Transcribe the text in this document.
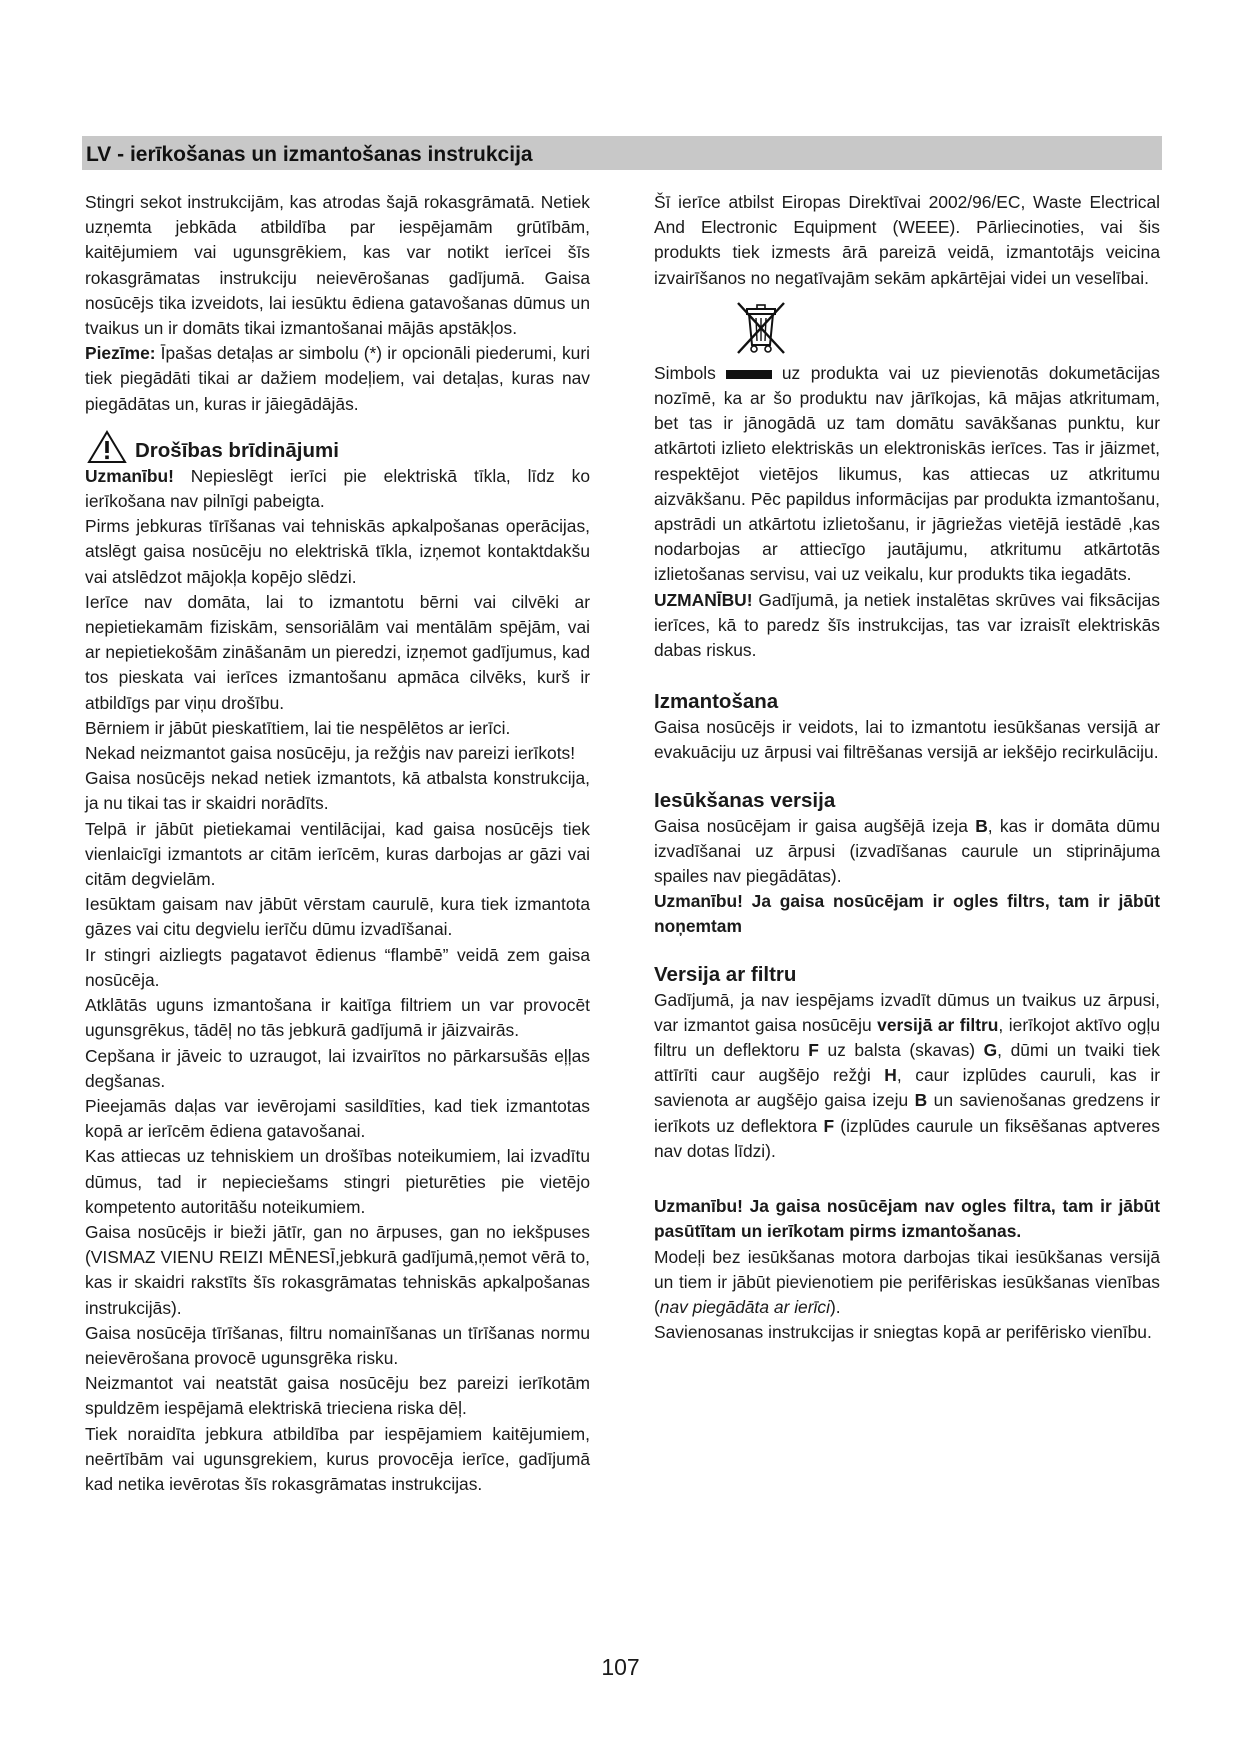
LV - ierīkošanas un izmantošanas instrukcija

Stingri sekot instrukcijām, kas atrodas šajā rokasgrāmatā. Netiek uzņemta jebkāda atbildība par iespējamām grūtībām, kaitējumiem vai ugunsgrēkiem, kas var notikt ierīcei šīs rokasgrāmatas instrukciju neievērošanas gadījumā. Gaisa nosūcējs tika izveidots, lai iesūktu ēdiena gatavošanas dūmus un tvaikus un ir domāts tikai izmantošanai mājās apstākļos.

Piezīme: Īpašas detaļas ar simbolu (*) ir opcionāli piederumi, kuri tiek piegādāti tikai ar dažiem modeļiem, vai detaļas, kuras nav piegādātas un, kuras ir jāiegādājās.

Drošības brīdinājumi

Uzmanību! Nepieslēgt ierīci pie elektriskā tīkla, līdz ko ierīkošana nav pilnīgi pabeigta.

Pirms jebkuras tīrīšanas vai tehniskās apkalpošanas operācijas, atslēgt gaisa nosūcēju no elektriskā tīkla, izņemot kontaktdakšu vai atslēdzot mājokļa kopējo slēdzi.

Ierīce nav domāta, lai to izmantotu bērni vai cilvēki ar nepietiekamām fiziskām, sensoriālām vai mentālām spējām, vai ar nepietiekošām zināšanām un pieredzi, izņemot gadījumus, kad tos pieskata vai ierīces izmantošanu apmāca cilvēks, kurš ir atbildīgs par viņu drošību.

Bērniem ir jābūt pieskatītiem, lai tie nespēlētos ar ierīci.

Nekad neizmantot gaisa nosūcēju, ja režģis nav pareizi ierīkots!

Gaisa nosūcējs nekad netiek izmantots, kā atbalsta konstrukcija, ja nu tikai tas ir skaidri norādīts.

Telpā ir jābūt pietiekamai ventilācijai, kad gaisa nosūcējs tiek vienlaicīgi izmantots ar citām ierīcēm, kuras darbojas ar gāzi vai citām degvielām.

Iesūktam gaisam nav jābūt vērstam caurulē, kura tiek izmantota gāzes vai citu degvielu ierīču dūmu izvadīšanai.

Ir stingri aizliegts pagatavot ēdienus “flambē” veidā zem gaisa nosūcēja.

Atklātās uguns izmantošana ir kaitīga filtriem un var provocēt ugunsgrēkus, tādēļ no tās jebkurā gadījumā ir jāizvairās.

Cepšana ir jāveic to uzraugot, lai izvairītos no pārkarsušās eļļas degšanas.

Pieejamās daļas var ievērojami sasildīties, kad tiek izmantotas kopā ar ierīcēm ēdiena gatavošanai.

Kas attiecas uz tehniskiem un drošības noteikumiem, lai izvadītu dūmus, tad ir nepieciešams stingri pieturēties pie vietējo kompetento autoritāšu noteikumiem.

Gaisa nosūcējs ir bieži jātīr, gan no ārpuses, gan no iekšpuses (VISMAZ VIENU REIZI MĒNESĪ,jebkurā gadījumā,ņemot vērā to, kas ir skaidri rakstīts šīs rokasgrāmatas tehniskās apkalpošanas instrukcijās).

Gaisa nosūcēja tīrīšanas, filtru nomainīšanas un tīrīšanas normu neievērošana provocē ugunsgrēka risku.

Neizmantot vai neatstāt gaisa nosūcēju bez pareizi ierīkotām spuldzēm iespējamā elektriskā trieciena riska dēļ.

Tiek noraidīta jebkura atbildība par iespējamiem kaitējumiem, neērtībām vai ugunsgrekiem, kurus provocēja ierīce, gadījumā kad netika ievērotas šīs rokasgrāmatas instrukcijas.

Šī ierīce atbilst Eiropas Direktīvai 2002/96/EC, Waste Electrical And Electronic Equipment (WEEE). Pārliecinoties, vai šis produkts tiek izmests ārā pareizā veidā, izmantotājs veicina izvairīšanos no negatīvajām sekām apkārtējai videi un veselībai.

Simbols	uz produkta vai uz pievienotās dokumetācijas nozīmē, ka ar šo produktu nav jārīkojas, kā mājas atkritumam, bet tas ir jānogādā uz tam domātu savākšanas punktu, kur atkārtoti izlieto elektriskās un elektroniskās ierīces. Tas ir jāizmet, respektējot vietējos likumus, kas attiecas uz atkritumu aizvākšanu. Pēc papildus informācijas par produkta izmantošanu, apstrādi un atkārtotu izlietošanu, ir jāgriežas vietējā iestādē ,kas nodarbojas ar attiecīgo jautājumu, atkritumu atkārtotās izlietošanas servisu, vai uz veikalu, kur produkts tika iegadāts.

UZMANĪBU! Gadījumā, ja netiek instalētas skrūves vai fiksācijas ierīces, kā to paredz šīs instrukcijas, tas var izraisīt elektriskās dabas riskus.

Izmantošana

Gaisa nosūcējs ir veidots, lai to izmantotu iesūkšanas versijā ar evakuāciju uz ārpusi vai filtrēšanas versijā ar iekšējo recirkulāciju.

Iesūkšanas versija

Gaisa nosūcējam ir gaisa augšējā izeja B, kas ir domāta dūmu izvadīšanai uz ārpusi (izvadīšanas caurule un stiprinājuma spailes nav piegādātas).

Uzmanību! Ja gaisa nosūcējam ir ogles filtrs, tam ir jābūt noņemtam

Versija ar filtru

Gadījumā, ja nav iespējams izvadīt dūmus un tvaikus uz ārpusi, var izmantot gaisa nosūcēju versijā ar filtru, ierīkojot aktīvo ogļu filtru un deflektoru F uz balsta (skavas) G, dūmi un tvaiki tiek attīrīti caur augšējo režģi H, caur izplūdes cauruli, kas ir savienota ar augšējo gaisa izeju B un savienošanas gredzens ir ierīkots uz deflektora F (izplūdes caurule un fiksēšanas aptveres nav dotas līdzi).

Uzmanību! Ja gaisa nosūcējam nav ogles filtra, tam ir jābūt pasūtītam un ierīkotam pirms izmantošanas.

Modeļi bez iesūkšanas motora darbojas tikai iesūkšanas versijā un tiem ir jābūt pievienotiem pie perifēriskas iesūkšanas vienības (nav piegādāta ar ierīci).

Savienosanas instrukcijas ir sniegtas kopā ar perifērisko vienību.

107
